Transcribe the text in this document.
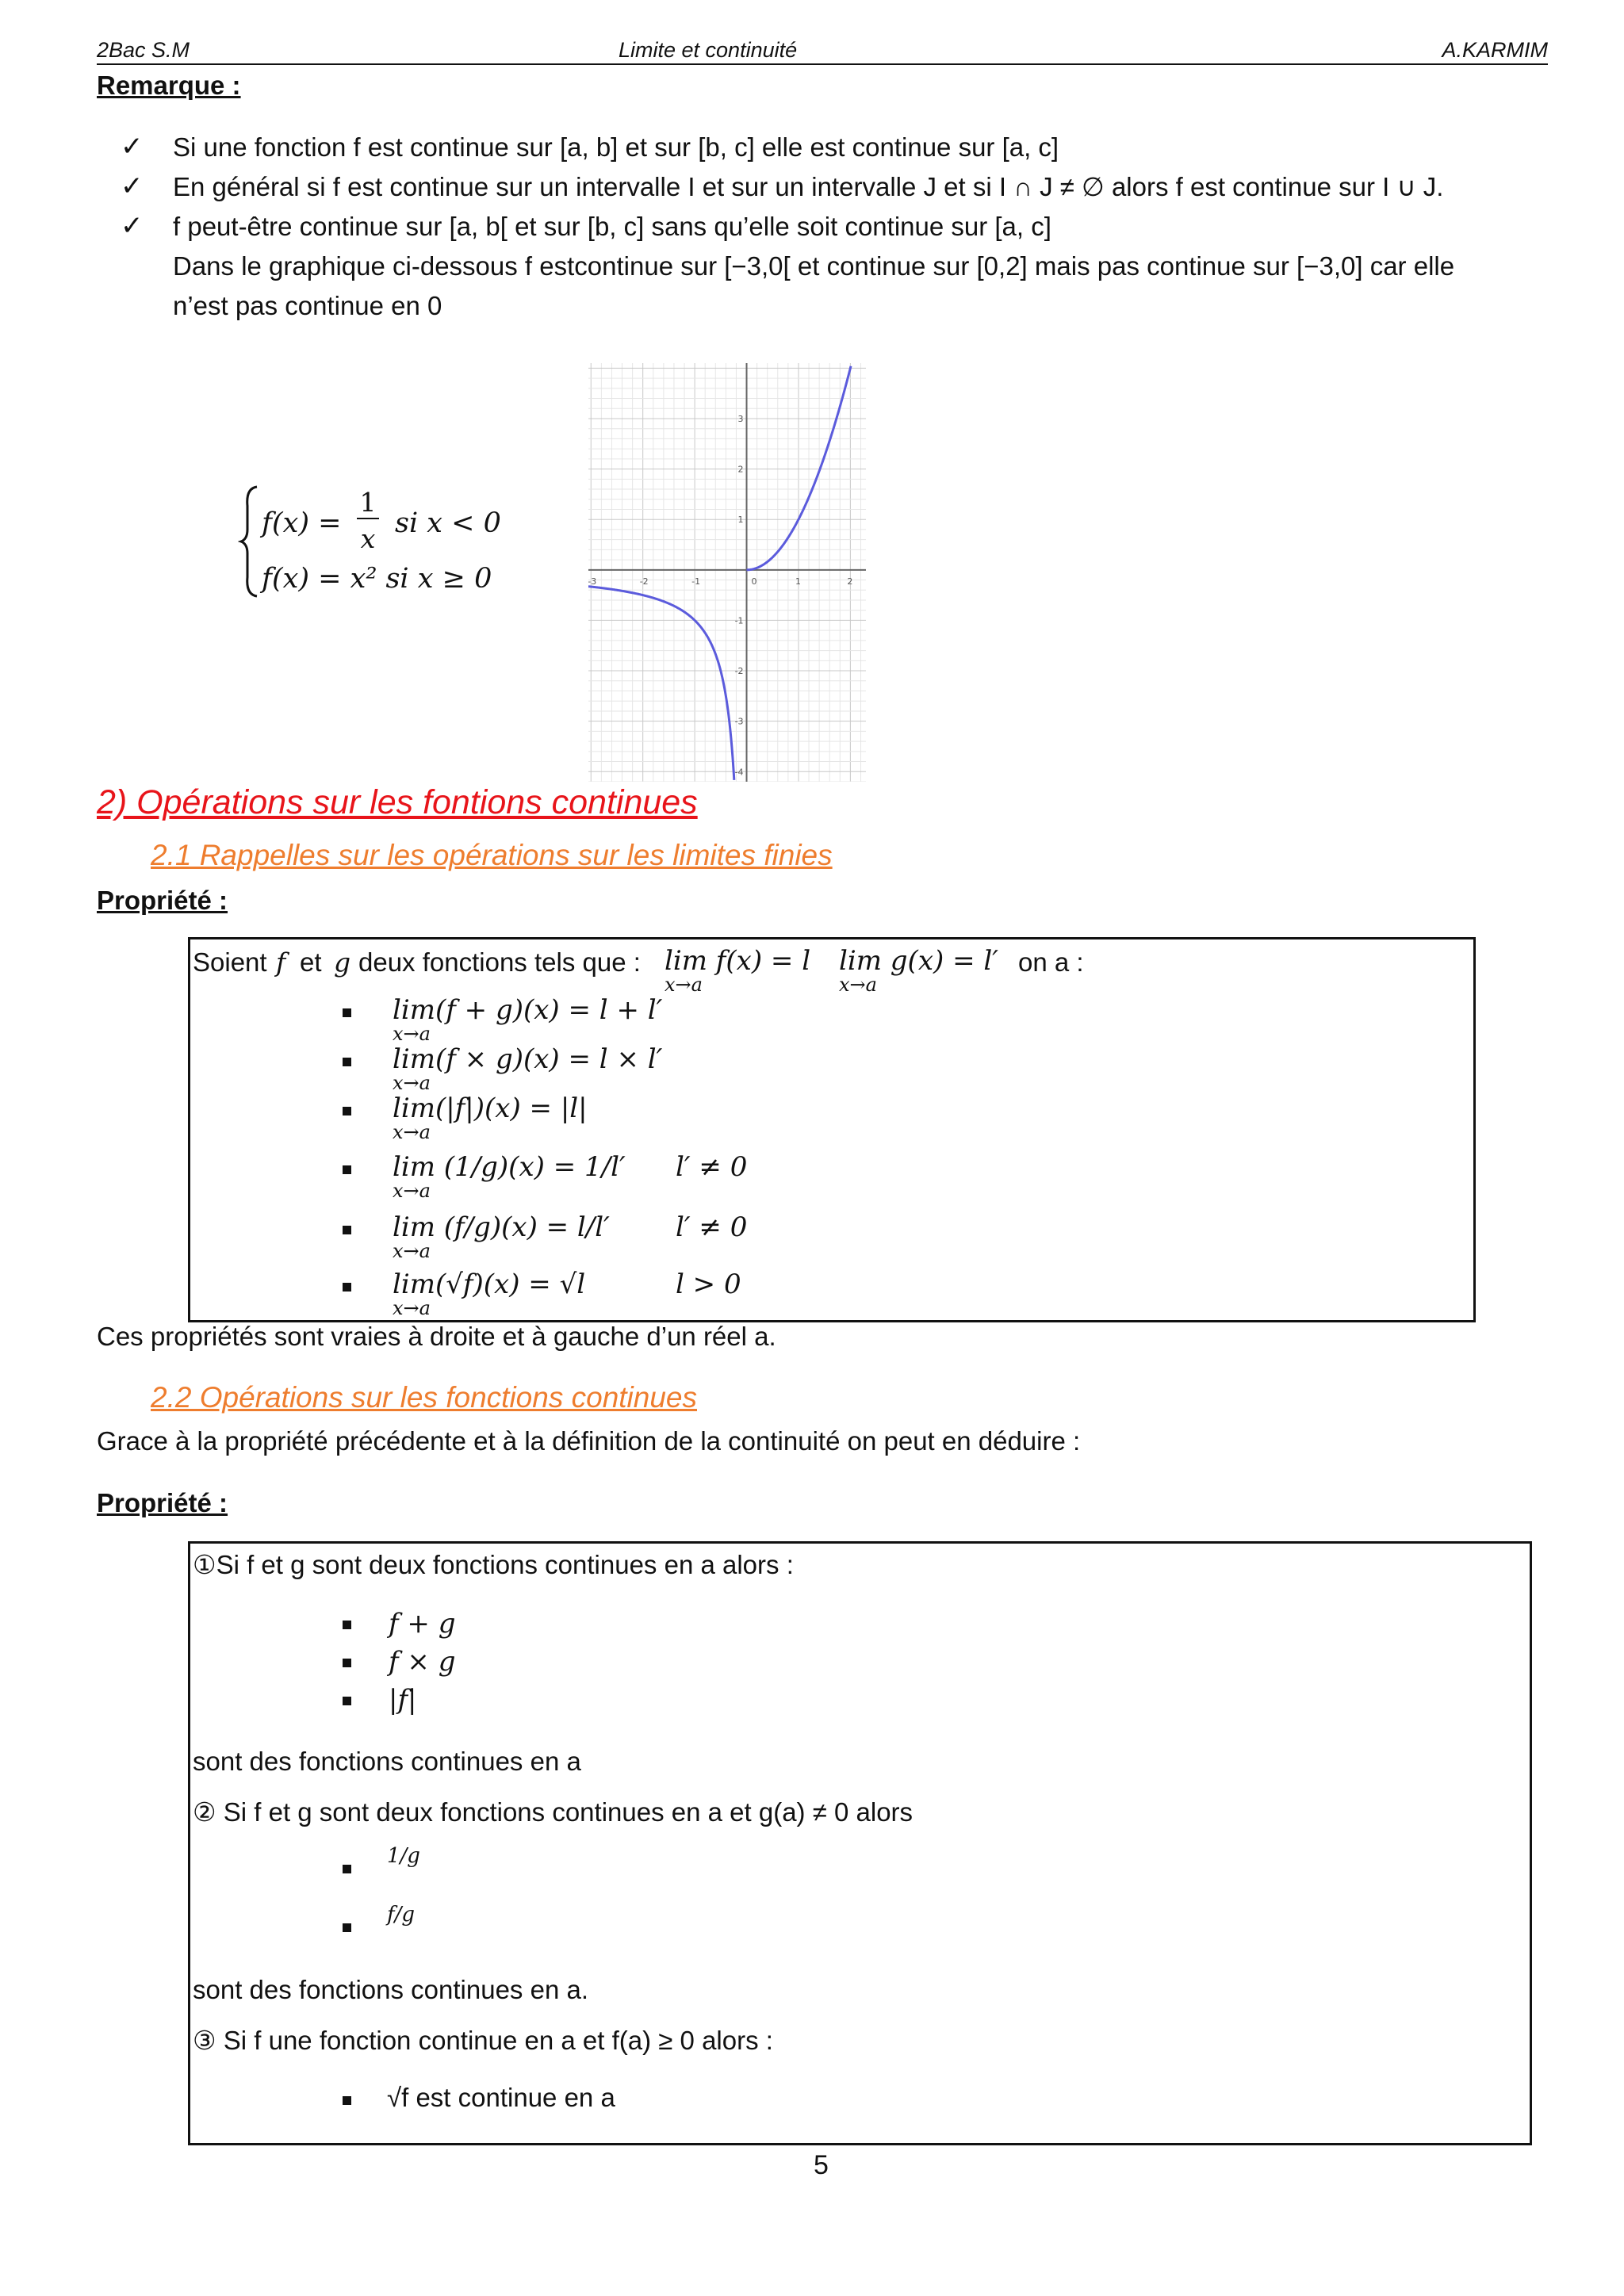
2Bac S.M	Limite et continuité	A.KARMIM
Remarque :
✓ Si une fonction f est continue sur [a, b] et sur [b, c] elle est continue sur [a, c]
✓ En général si f est continue sur un intervalle I et sur un intervalle J et si I ∩ J ≠ ∅ alors f est continue sur I ∪ J.
✓ f peut-être continue sur [a, b[ et sur [b, c] sans qu’elle soit continue sur [a, c]
Dans le graphique ci-dessous f estcontinue sur [−3,0[ et continue sur [0,2] mais pas continue sur [−3,0] car elle
n’est pas continue en 0
f(x) =
1
x si x < 0
f(x) = x² si x ≥ 0	-3	-2	-1	0	1	2
3
2
1
-1
-2
-3
-4
2) Opérations sur les fontions continues
2.1 Rappelles sur les opérations sur les limites finies
Propriété :
Soient f et g deux fonctions tels que : lim f(x) = l
x→a
lim g(x) = l′
x→a
on a :
lim(f + g)(x) = l + l′
x→a
lim(f × g)(x) = l × l′
x→a
lim(|f|)(x) = |l|
x→a
lim (1/g)(x) = 1/l′
x→a
l′ ≠ 0
lim (f/g)(x) = l/l′
x→a
l′ ≠ 0
lim(√f)(x) = √l
x→a
l > 0
Ces propriétés sont vraies à droite et à gauche d’un réel a.
2.2 Opérations sur les fonctions continues
Grace à la propriété précédente et à la définition de la continuité on peut en déduire :
Propriété :
①Si f et g sont deux fonctions continues en a alors :
f + g
f × g
|f|
sont des fonctions continues en a
② Si f et g sont deux fonctions continues en a et g(a) ≠ 0 alors
1/g
f/g
sont des fonctions continues en a.
③ Si f une fonction continue en a et f(a) ≥ 0 alors :
√f est continue en a
5
